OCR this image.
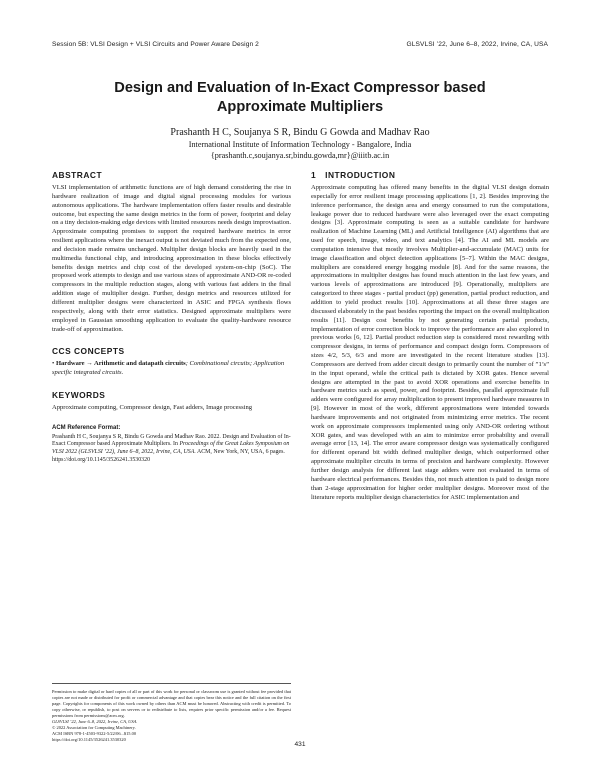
Session 5B: VLSI Design + VLSI Circuits and Power Aware Design 2	GLSVLSI ’22, June 6–8, 2022, Irvine, CA, USA
Design and Evaluation of In-Exact Compressor based
Approximate Multipliers
Prashanth H C, Soujanya S R, Bindu G Gowda and Madhav Rao
International Institute of Information Technology - Bangalore, India
{prashanth.c,soujanya.sr,bindu.gowda,mr}@iiitb.ac.in
ABSTRACT

VLSI implementation of arithmetic functions are of high demand considering the rise in hardware realization of image and digital signal processing modules for various autonomous applications. The hardware implementation offers faster results and desirable outcome, but expecting the same design metrics in the form of power, footprint and delay on a tiny decision-making edge devices with limited resources needs design improvisation. Approximate computing promises to support the required hardware metrics in error resilient applications where the inexact output is not deviated much from the expected one, and decision made remains unchanged. Multiplier design blocks are heavily used in the multimedia functional chip, and introducing approximation in these blocks effectively benefits design metrics and chip cost of the developed system-on-chip (SoC). The proposed work attempts to design and use various sizes of approximate AND-OR re-coded compressors in the multiple reduction stages, along with various fast adders in the final addition stage of multiplier design. Further, design metrics and resources utilized for different multiplier designs were characterized in ASIC and FPGA synthesis flows respectively, along with their error statistics. Designed approximate multipliers were employed in Gaussian smoothing application to evaluate the quality-hardware resource trade-off of approximation.

CCS CONCEPTS

• Hardware → Arithmetic and datapath circuits; Combinational circuits; Application specific integrated circuits.

KEYWORDS

Approximate computing, Compressor design, Fast adders, Image processing

ACM Reference Format:
Prashanth H C, Soujanya S R, Bindu G Gowda and Madhav Rao. 2022. Design and Evaluation of In-Exact Compressor based Approximate Multipliers. In Proceedings of the Great Lakes Symposium on VLSI 2022 (GLSVLSI ’22), June 6–8, 2022, Irvine, CA, USA. ACM, New York, NY, USA, 6 pages. https://doi.org/10.1145/3526241.3530320
Permission to make digital or hard copies of all or part of this work for personal or classroom use is granted without fee provided that copies are not made or distributed for profit or commercial advantage and that copies bear this notice and the full citation on the first page. Copyrights for components of this work owned by others than ACM must be honored. Abstracting with credit is permitted. To copy otherwise, or republish, to post on servers or to redistribute to lists, requires prior specific permission and/or a fee. Request permissions from permissions@acm.org.
GLSVLSI ’22, June 6–8, 2022, Irvine, CA, USA.
© 2022 Association for Computing Machinery.
ACM ISBN 978-1-4503-9322-5/22/06...$15.00
https://doi.org/10.1145/3526241.3530320
1 INTRODUCTION

Approximate computing has offered many benefits in the digital VLSI design domain especially for error resilient image processing applications [1, 2]. Besides improving the inference performance, the design area and energy consumed to run the computations, leakage power due to reduced hardware were also leveraged over the exact computing designs [3]. Approximate computing is seen as a suitable candidate for hardware realization of Machine Learning (ML) and Artificial Intelligence (AI) algorithms that are used for speech, image, video, and text analytics [4]. The AI and ML models are computation intensive that mostly involves Multiplier-and-accumulate (MAC) units for image classification and object detection applications [5–7]. Within the MAC designs, multipliers are considered energy hogging module [8]. And for the same reasons, the approximations in multiplier designs has found much attention in the last few years, and various levels of approximations are introduced [9]. Operationally, multipliers are categorized to three stages - partial product (pp) generation, partial product reduction, and addition to yield product results [10]. Approximations at all these three stages are discussed elaborately in the past besides reporting the impact on the overall multiplication results [11]. Design cost benefits by not generating certain partial products, implementation of error correction block to improve the performance are also explored in previous works [6, 12]. Partial product reduction step is considered most rewarding with compressor designs, in terms of performance and compact design form. Compressors of sizes 4/2, 5/3, 6/3 and more are investigated in the recent literature studies [13]. Compressors are derived from adder circuit design to primarily count the number of ”1’s” in the input operand, while the critical path is dictated by XOR gates. Hence several designs are attempted in the past to avoid XOR operations and exercise benefits in hardware metrics such as speed, power, and footprint. Besides, parallel approximate full adders were configured for array multiplication to present improved hardware measures in [9]. However in most of the work, different approximations were intended towards hardware improvements and not originated from minimizing error metrics. The recent work on approximate compressors implemented using only AND-OR ordering without XOR gates, and was developed with an aim to minimize error probability and overall average error [13, 14]. The error aware compressor design was systematically configured for different operand bit width defined multiplier design, which outperformed other approximate multiplier circuits in terms of precision and hardware complexity. However further design analysis for different last stage adders were not evaluated in terms of hardware electrical performances. Besides this, not much attention is paid to design more than 2-stage approximation for higher order multiplier designs. Moreover most of the literature reports multiplier design characteristics for ASIC implementation and

431
